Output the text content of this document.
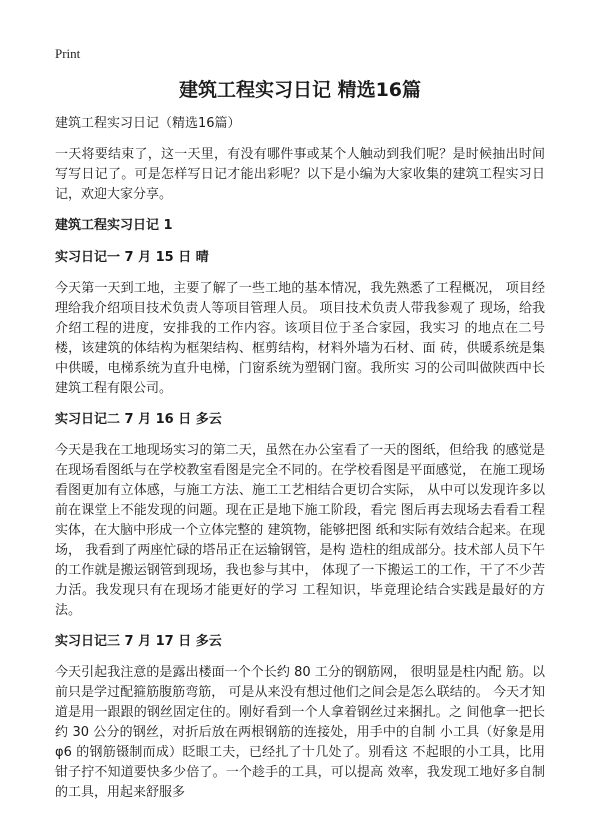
Print
建筑工程实习日记 精选16篇

建筑工程实习日记（精选16篇）

一天将要结束了，这一天里，有没有哪件事或某个人触动到我们呢？是时候抽出时间写写日记了。可是怎样写日记才能出彩呢？以下是小编为大家收集的建筑工程实习日记，欢迎大家分享。

建筑工程实习日记 1
实习日记一 7 月 15 日 晴

今天第一天到工地，主要了解了一些工地的基本情况，我先熟悉了工程概况， 项目经理给我介绍项目技术负责人等项目管理人员。 项目技术负责人带我参观了 现场，给我介绍工程的进度，安排我的工作内容。该项目位于圣合家园，我实习 的地点在二号楼，该建筑的体结构为框架结构、框剪结构，材料外墙为石材、面 砖，供暖系统是集中供暖，电梯系统为直升电梯，门窗系统为塑钢门窗。我所实 习的公司叫做陕西中长建筑工程有限公司。

实习日记二 7 月 16 日 多云

今天是我在工地现场实习的第二天，虽然在办公室看了一天的图纸，但给我 的感觉是在现场看图纸与在学校教室看图是完全不同的。在学校看图是平面感觉， 在施工现场看图更加有立体感，与施工方法、施工工艺相结合更切合实际， 从中可以发现许多以前在课堂上不能发现的问题。现在正是地下施工阶段，看完 图后再去现场去看看工程实体，在大脑中形成一个立体完整的 建筑物，能够把图 纸和实际有效结合起来。在现场， 我看到了两座忙碌的塔吊正在运输钢管，是构 造柱的组成部分。技术部人员下午的工作就是搬运钢管到现场，我也参与其中， 体现了一下搬运工的工作，干了不少苦力活。我发现只有在现场才能更好的学习 工程知识，毕竟理论结合实践是最好的方法。

实习日记三 7 月 17 日 多云

今天引起我注意的是露出楼面一个个长约 80 工分的钢筋网， 很明显是柱内配 筋。以前只是学过配箍筋腹筋弯筋， 可是从来没有想过他们之间会是怎么联结的。 今天才知道是用一跟跟的钢丝固定住的。刚好看到一个人拿着钢丝过来捆扎。之 间他拿一把长约 30 公分的钢丝，对折后放在两根钢筋的连接处，用手中的自制 小工具（好象是用φ6 的钢筋镊制而成）眨眼工夫，已经扎了十几处了。别看这 不起眼的小工具，比用钳子拧不知道要快多少倍了。一个趁手的工具，可以提高 效率，我发现工地好多自制的工具，用起来舒服多
